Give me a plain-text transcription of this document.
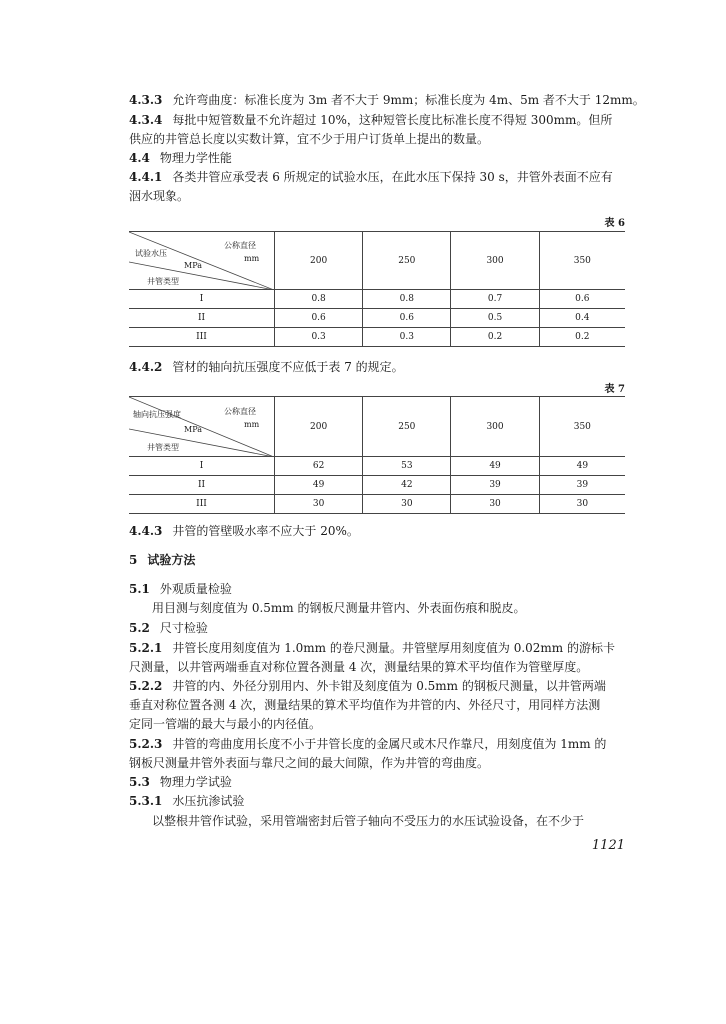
4.3.3 允许弯曲度：标准长度为 3m 者不大于 9mm；标准长度为 4m、5m 者不大于 12mm。
4.3.4 每批中短管数量不允许超过 10%，这种短管长度比标准长度不得短 300mm。但所
供应的井管总长度以实数计算，宜不少于用户订货单上提出的数量。
4.4 物理力学性能
4.4.1 各类井管应承受表 6 所规定的试验水压，在此水压下保持 30 s，井管外表面不应有
洇水现象。
表 6
公称直径
mm
试验水压
MPa
井管类型	200	250	300	350
I	0.8	0.8	0.7	0.6
II	0.6	0.6	0.5	0.4
III	0.3	0.3	0.2	0.2
4.4.2 管材的轴向抗压强度不应低于表 7 的规定。
表 7
公称直径
mm
轴向抗压强度
MPa
井管类型	200	250	300	350
I	62	53	49	49
II	49	42	39	39
III	30	30	30	30
4.4.3 井管的管壁吸水率不应大于 20%。
5 试验方法
5.1 外观质量检验
用目测与刻度值为 0.5mm 的钢板尺测量井管内、外表面伤痕和脱皮。
5.2 尺寸检验
5.2.1 井管长度用刻度值为 1.0mm 的卷尺测量。井管壁厚用刻度值为 0.02mm 的游标卡
尺测量，以井管两端垂直对称位置各测量 4 次，测量结果的算术平均值作为管壁厚度。
5.2.2 井管的内、外径分别用内、外卡钳及刻度值为 0.5mm 的钢板尺测量，以井管两端
垂直对称位置各测 4 次，测量结果的算术平均值作为井管的内、外径尺寸，用同样方法测
定同一管端的最大与最小的内径值。
5.2.3 井管的弯曲度用长度不小于井管长度的金属尺或木尺作靠尺，用刻度值为 1mm 的
钢板尺测量井管外表面与靠尺之间的最大间隙，作为井管的弯曲度。
5.3 物理力学试验
5.3.1 水压抗渗试验
以整根井管作试验，采用管端密封后管子轴向不受压力的水压试验设备，在不少于
1121
